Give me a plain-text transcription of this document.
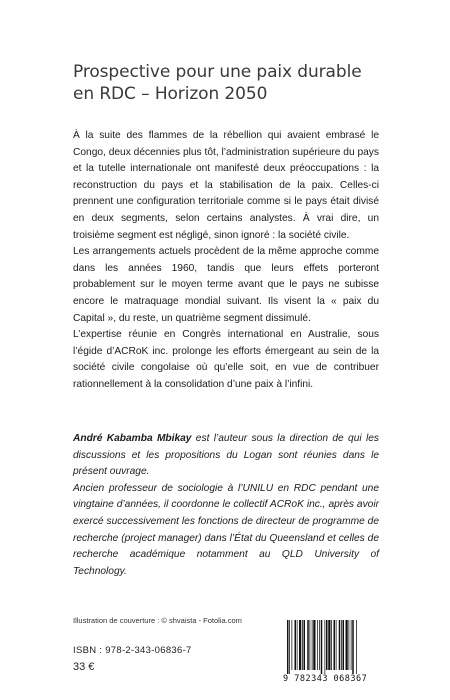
Prospective pour une paix durable
en RDC – Horizon 2050

À la suite des flammes de la rébellion qui avaient embrasé le Congo, deux décennies plus tôt, l’administration supérieure du pays et la tutelle internationale ont manifesté deux préoccupations : la reconstruction du pays et la stabilisation de la paix. Celles-ci prennent une configuration territoriale comme si le pays était divisé en deux segments, selon certains analystes. À vrai dire, un troisième segment est négligé, sinon ignoré : la société civile.

Les arrangements actuels procèdent de la même approche comme dans les années 1960, tandis que leurs effets porteront probablement sur le moyen terme avant que le pays ne subisse encore le matraquage mondial suivant. Ils visent la « paix du Capital », du reste, un quatrième segment dissimulé.

L’expertise réunie en Congrès international en Australie, sous l’égide d’ACRoK inc. prolonge les efforts émergeant au sein de la société civile congolaise où qu’elle soit, en vue de contribuer rationnellement à la consolidation d’une paix à l’infini.

André Kabamba Mbikay est l’auteur sous la direction de qui les discussions et les propositions du Logan sont réunies dans le présent ouvrage.

Ancien professeur de sociologie à l’UNILU en RDC pendant une vingtaine d’années, il coordonne le collectif ACRoK inc., après avoir exercé successivement les fonctions de directeur de programme de recherche (project manager) dans l’État du Queensland et celles de recherche académique notamment au QLD University of Technology.

Illustration de couverture : © shvaista - Fotolia.com
ISBN : 978-2-343-06836-7
33 €
9 782343 068367
